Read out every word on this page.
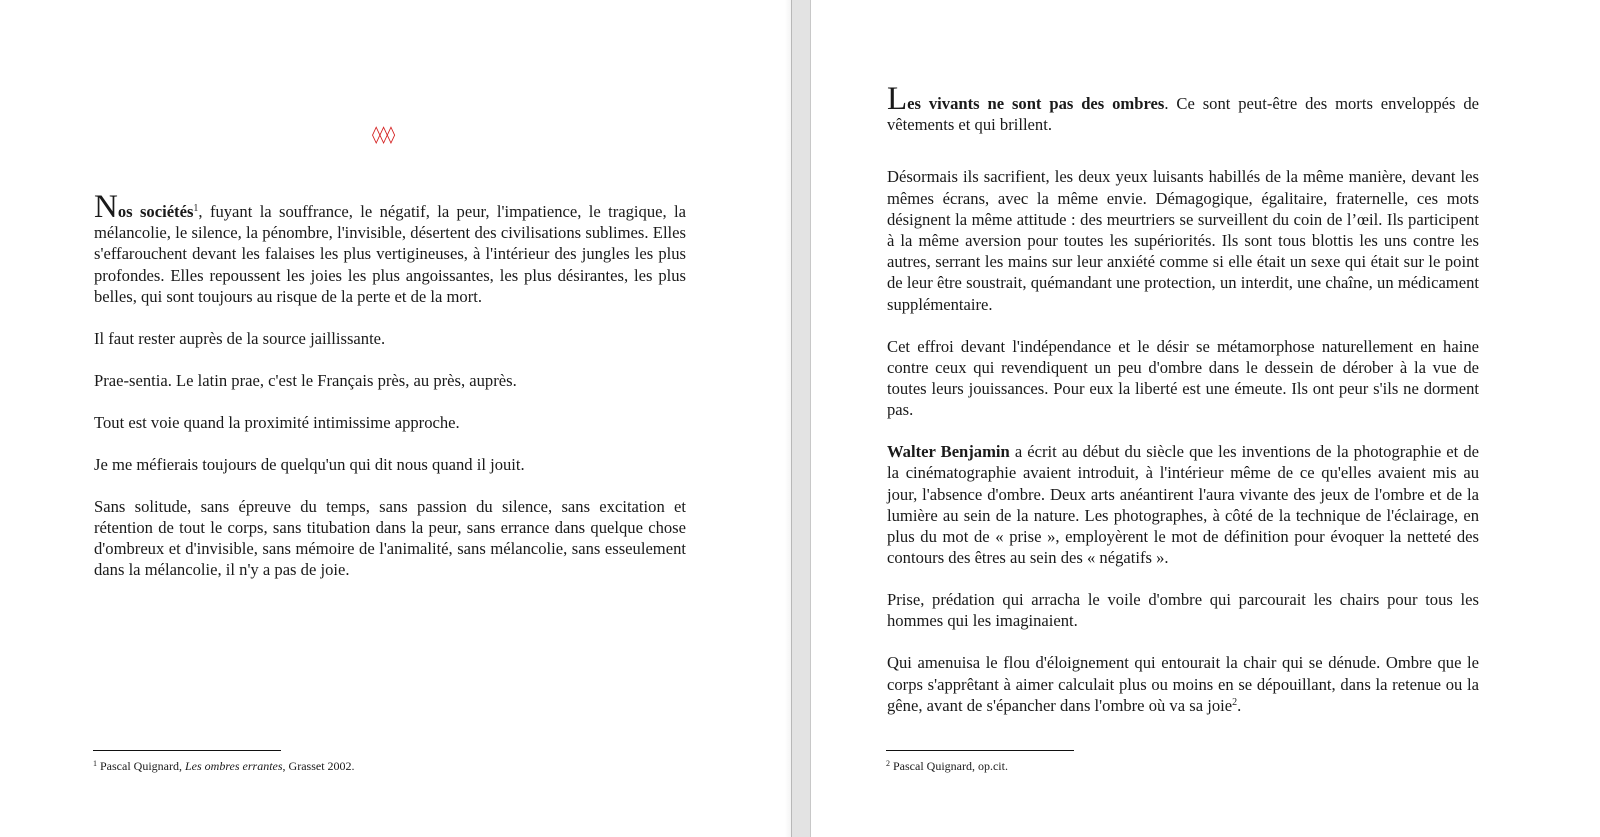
◊◊◊

Nos sociétés$^1$, fuyant la souffrance, le négatif, la peur, l'impatience, le tragique, la mélancolie, le silence, la pénombre, l'invisible, désertent des civilisations sublimes. Elles s'effarouchent devant les falaises les plus vertigineuses, à l'intérieur des jungles les plus profondes. Elles repoussent les joies les plus angoissantes, les plus désirantes, les plus belles, qui sont toujours au risque de la perte et de la mort.

Il faut rester auprès de la source jaillissante.

Prae-sentia. Le latin prae, c'est le Français près, au près, auprès.

Tout est voie quand la proximité intimissime approche.

Je me méfierais toujours de quelqu'un qui dit nous quand il jouit.

Sans solitude, sans épreuve du temps, sans passion du silence, sans excitation et rétention de tout le corps, sans titubation dans la peur, sans errance dans quelque chose d'ombreux et d'invisible, sans mémoire de l'animalité, sans mélancolie, sans esseulement dans la mélancolie, il n'y a pas de joie.

$^1$ Pascal Quignard, Les ombres errantes, Grasset 2002.

Les vivants ne sont pas des ombres. Ce sont peut-être des morts enveloppés de vêtements et qui brillent.

Désormais ils sacrifient, les deux yeux luisants habillés de la même manière, devant les mêmes écrans, avec la même envie. Démagogique, égalitaire, fraternelle, ces mots désignent la même attitude : des meurtriers se surveillent du coin de l’œil. Ils participent à la même aversion pour toutes les supériorités. Ils sont tous blottis les uns contre les autres, serrant les mains sur leur anxiété comme si elle était un sexe qui était sur le point de leur être soustrait, quémandant une protection, un interdit, une chaîne, un médicament supplémentaire.

Cet effroi devant l'indépendance et le désir se métamorphose naturellement en haine contre ceux qui revendiquent un peu d'ombre dans le dessein de dérober à la vue de toutes leurs jouissances. Pour eux la liberté est une émeute. Ils ont peur s'ils ne dorment pas.

Walter Benjamin a écrit au début du siècle que les inventions de la photographie et de la cinématographie avaient introduit, à l'intérieur même de ce qu'elles avaient mis au jour, l'absence d'ombre. Deux arts anéantirent l'aura vivante des jeux de l'ombre et de la lumière au sein de la nature. Les photographes, à côté de la technique de l'éclairage, en plus du mot de « prise », employèrent le mot de définition pour évoquer la netteté des contours des êtres au sein des « négatifs ».

Prise, prédation qui arracha le voile d'ombre qui parcourait les chairs pour tous les hommes qui les imaginaient.

Qui amenuisa le flou d'éloignement qui entourait la chair qui se dénude. Ombre que le corps s'apprêtant à aimer calculait plus ou moins en se dépouillant, dans la retenue ou la gêne, avant de s'épancher dans l'ombre où va sa joie$^2$.

$^2$ Pascal Quignard, op.cit.
